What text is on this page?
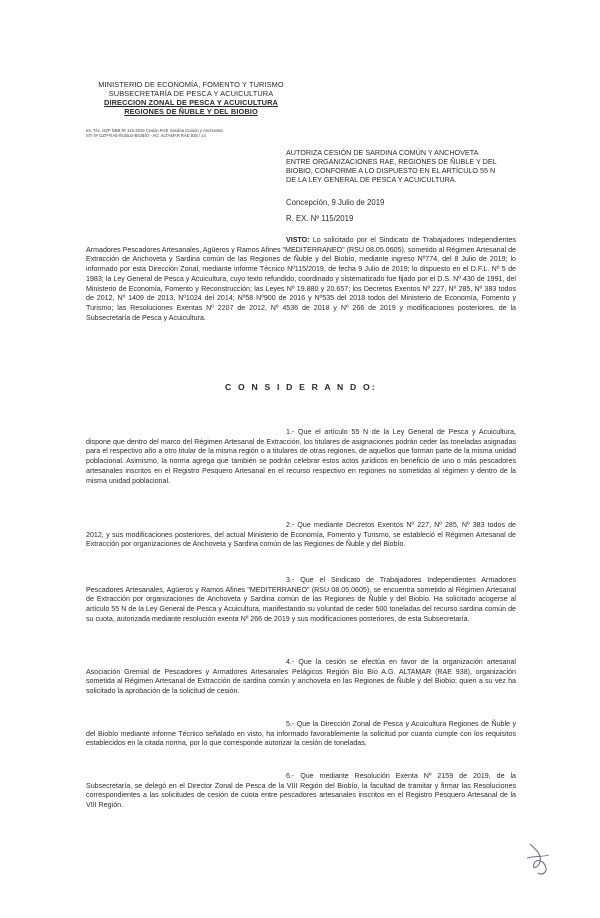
MINISTERIO DE ECONOMÍA, FOMENTO Y TURISMO
SUBSECRETARÍA DE PESCA Y ACUICULTURA
DIRECCION ZONAL DE PESCA Y ACUICULTURA
REGIONES DE ÑUBLE Y DEL BIOBIO
Int. Téc. DZP ÑBB Nº 115-2019 Cesión RAE Sardina Común y Anchoveta
STI Nº DZP-RAE-ÑUBLE-BIOBÍO - AG. ALTAMAR RAE 938 / 14
AUTORIZA CESIÓN DE SARDINA COMÚN Y ANCHOVETA ENTRE ORGANIZACIONES RAE, REGIONES DE ÑUBLE Y DEL BIOBIO, CONFORME A LO DISPUESTO EN EL ARTÍCULO 55 N DE LA LEY GENERAL DE PESCA Y ACUICULTURA.
Concepción, 9 Julio de 2019
R. EX. Nº 115/2019
VISTO: Lo solicitado por el Sindicato de Trabajadores Independientes Armadores Pescadores Artesanales, Agüeros y Ramos Afines "MEDITERRANEO" (RSU 08.05.0605), sometido al Régimen Artesanal de Extracción de Anchoveta y Sardina común de las Regiones de Ñuble y del Biobío, mediante ingreso Nº774, del 8 Julio de 2019; lo informado por esta Dirección Zonal, mediante informe Técnico Nº115/2019, de fecha 9 Julio de 2019; lo dispuesto en el D.F.L. Nº 5 de 1983; la Ley General de Pesca y Acuicultura, cuyo texto refundido, coordinado y sistematizado fue fijado por el D.S. Nº 430 de 1991, del Ministerio de Economía, Fomento y Reconstrucción; las Leyes Nº 19.880 y 20.657; los Decretos Exentos Nº 227, Nº 285, Nº 383 todos de 2012, Nº 1409 de 2013, Nº1024 del 2014; Nº58 Nº900 de 2016 y Nº535 del 2018 todos del Ministerio de Economía, Fomento y Turismo; las Resoluciones Exentas Nº 2207 de 2012, Nº 4536 de 2018 y Nº 266 de 2019 y modificaciones posteriores, de la Subsecretaría de Pesca y Acuicultura.
C O N S I D E R A N D O:
1.- Que el artículo 55 N de la Ley General de Pesca y Acuicultura, dispone que dentro del marco del Régimen Artesanal de Extracción, los titulares de asignaciones podrán ceder las toneladas asignadas para el respectivo año a otro titular de la misma región o a titulares de otras regiones, de aquellos que forman parte de la misma unidad poblacional. Asimismo, la norma agrega que también se podrán celebrar estos actos jurídicos en beneficio de uno o más pescadores artesanales inscritos en el Registro Pesquero Artesanal en el recurso respectivo en regiones no sometidas al régimen y dentro de la misma unidad poblacional.
2.- Que mediante Decretos Exentos Nº 227, Nº 285, Nº 383 todos de 2012, y sus modificaciones posteriores, del actual Ministerio de Economía, Fomento y Turismo, se estableció el Régimen Artesanal de Extracción por organizaciones de Anchoveta y Sardina común de las Regiones de Ñuble y del Biobío.
3.- Que el Sindicato de Trabajadores Independientes Armadores Pescadores Artesanales, Agüeros y Ramos Afines "MEDITERRANEO" (RSU 08.05.0605), se encuentra sometido al Régimen Artesanal de Extracción por organizaciones de Anchoveta y Sardina común de las Regiones de Ñuble y del Biobío. Ha solicitado acogerse al artículo 55 N de la Ley General de Pesca y Acuicultura, manifestando su voluntad de ceder 500 toneladas del recurso sardina común de su cuota, autorizada mediante resolución exenta Nº 266 de 2019 y sus modificaciones posteriores, de esta Subsecretaría.
4.- Que la cesión se efectúa en favor de la organización artesanal Asociación Gremial de Pescadores y Armadores Artesanales Pelágicos Región Bío Bío A.G. ALTAMAR (RAE 938), organización sometida al Régimen Artesanal de Extracción de sardina común y anchoveta en las Regiones de Ñuble y del Biobío; quien a su vez ha solicitado la aprobación de la solicitud de cesión.
5.- Que la Dirección Zonal de Pesca y Acuicultura Regiones de Ñuble y del Biobío mediante informe Técnico señalado en visto, ha informado favorablemente la solicitud por cuanto cumple con los requisitos establecidos en la citada norma, por lo que corresponde autorizar la cesión de toneladas.
6.- Que mediante Resolución Exenta Nº 2159 de 2019, de la Subsecretaría, se delegó en el Director Zonal de Pesca de la VIII Región del Biobío, la facultad de tramitar y firmar las Resoluciones correspondientes a las solicitudes de cesión de cuota entre pescadores artesanales inscritos en el Registro Pesquero Artesanal de la VIII Región.
